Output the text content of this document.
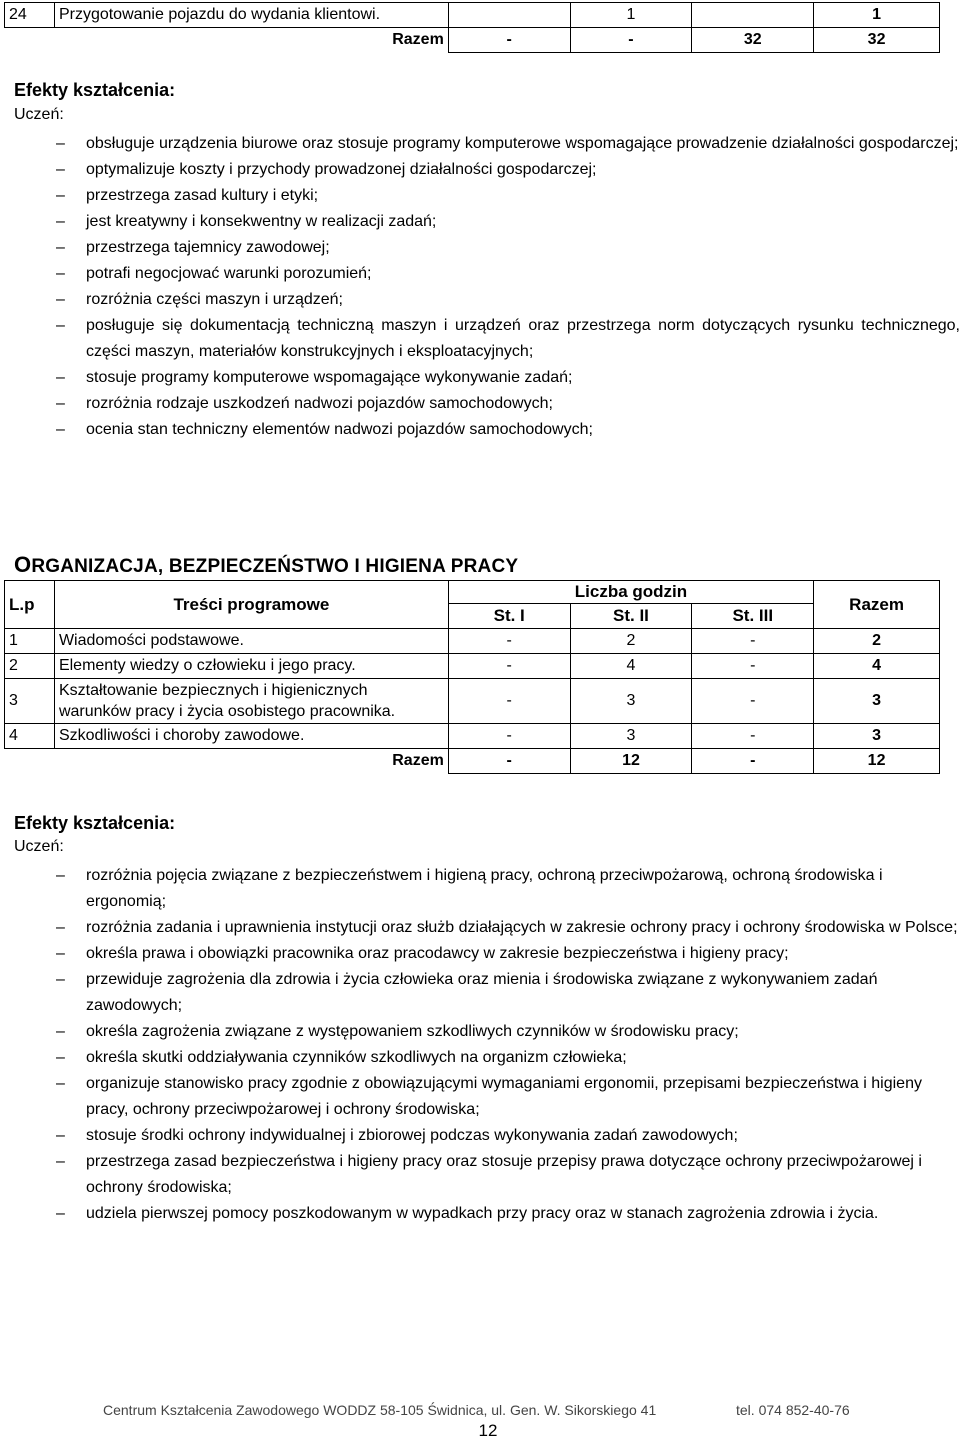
24	Przygotowanie pojazdu do wydania klientowi.		1		1
	Razem	-	-	32	32
Efekty kształcenia:
Uczeń:
–	obsługuje urządzenia biurowe oraz stosuje programy komputerowe wspomagające prowadzenie działalności gospodarczej;
–	optymalizuje koszty i przychody prowadzonej działalności gospodarczej;
–	przestrzega zasad kultury i etyki;
–	jest kreatywny i konsekwentny w realizacji zadań;
–	przestrzega tajemnicy zawodowej;
–	potrafi negocjować warunki porozumień;
–	rozróżnia części maszyn i urządzeń;
–	posługuje się dokumentacją techniczną maszyn i urządzeń oraz przestrzega norm dotyczących rysunku technicznego, części maszyn, materiałów konstrukcyjnych i eksploatacyjnych;
–	stosuje programy komputerowe wspomagające wykonywanie zadań;
–	rozróżnia rodzaje uszkodzeń nadwozi pojazdów samochodowych;
–	ocenia stan techniczny elementów nadwozi pojazdów samochodowych;
ORGANIZACJA, BEZPIECZEŃSTWO I HIGIENA PRACY
L.p	Treści programowe	Liczba godzin			Razem
		St. I	St. II	St. III	
1	Wiadomości podstawowe.	-	2	-	2
2	Elementy wiedzy o człowieku i jego pracy.	-	4	-	4
3	Kształtowanie bezpiecznych i higienicznych
warunków pracy i życia osobistego pracownika.	-	3	-	3
4	Szkodliwości i choroby zawodowe.	-	3	-	3
	Razem	-	12	-	12
Efekty kształcenia:
Uczeń:
–	rozróżnia pojęcia związane z bezpieczeństwem i higieną pracy, ochroną przeciwpożarową, ochroną środowiska i ergonomią;
–	rozróżnia zadania i uprawnienia instytucji oraz służb działających w zakresie ochrony pracy i ochrony środowiska w Polsce;
–	określa prawa i obowiązki pracownika oraz pracodawcy w zakresie bezpieczeństwa i higieny pracy;
–	przewiduje zagrożenia dla zdrowia i życia człowieka oraz mienia i środowiska związane z wykonywaniem zadań zawodowych;
–	określa zagrożenia związane z występowaniem szkodliwych czynników w środowisku pracy;
–	określa skutki oddziaływania czynników szkodliwych na organizm człowieka;
–	organizuje stanowisko pracy zgodnie z obowiązującymi wymaganiami ergonomii, przepisami bezpieczeństwa i higieny pracy, ochrony przeciwpożarowej i ochrony środowiska;
–	stosuje środki ochrony indywidualnej i zbiorowej podczas wykonywania zadań zawodowych;
–	przestrzega zasad bezpieczeństwa i higieny pracy oraz stosuje przepisy prawa dotyczące ochrony przeciwpożarowej i ochrony środowiska;
–	udziela pierwszej pomocy poszkodowanym w wypadkach przy pracy oraz w stanach zagrożenia zdrowia i życia.
Centrum Kształcenia Zawodowego WODDZ 58-105 Świdnica, ul. Gen. W. Sikorskiego 41	tel. 074 852-40-76
12
